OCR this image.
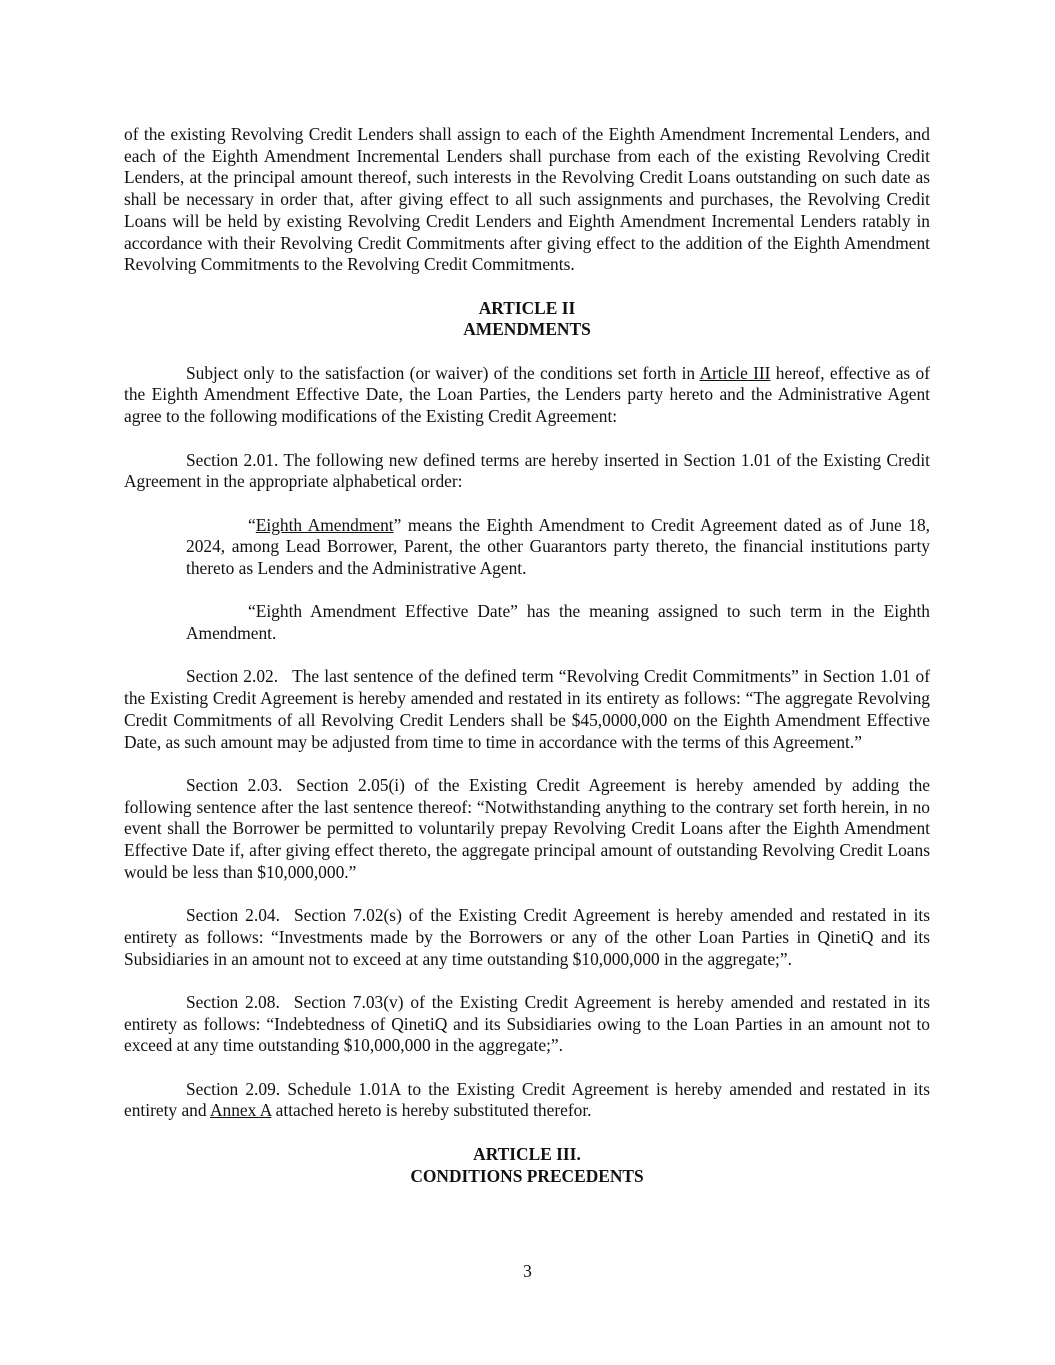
of the existing Revolving Credit Lenders shall assign to each of the Eighth Amendment Incremental Lenders, and each of the Eighth Amendment Incremental Lenders shall purchase from each of the existing Revolving Credit Lenders, at the principal amount thereof, such interests in the Revolving Credit Loans outstanding on such date as shall be necessary in order that, after giving effect to all such assignments and purchases, the Revolving Credit Loans will be held by existing Revolving Credit Lenders and Eighth Amendment Incremental Lenders ratably in accordance with their Revolving Credit Commitments after giving effect to the addition of the Eighth Amendment Revolving Commitments to the Revolving Credit Commitments.

ARTICLE II

AMENDMENTS

Subject only to the satisfaction (or waiver) of the conditions set forth in Article III hereof, effective as of the Eighth Amendment Effective Date, the Loan Parties, the Lenders party hereto and the Administrative Agent agree to the following modifications of the Existing Credit Agreement:

Section 2.01. The following new defined terms are hereby inserted in Section 1.01 of the Existing Credit Agreement in the appropriate alphabetical order:

“Eighth Amendment” means the Eighth Amendment to Credit Agreement dated as of June 18, 2024, among Lead Borrower, Parent, the other Guarantors party thereto, the financial institutions party thereto as Lenders and the Administrative Agent.

“Eighth Amendment Effective Date” has the meaning assigned to such term in the Eighth Amendment.

Section 2.02. The last sentence of the defined term “Revolving Credit Commitments” in Section 1.01 of the Existing Credit Agreement is hereby amended and restated in its entirety as follows: “The aggregate Revolving Credit Commitments of all Revolving Credit Lenders shall be $45,0000,000 on the Eighth Amendment Effective Date, as such amount may be adjusted from time to time in accordance with the terms of this Agreement.”

Section 2.03. Section 2.05(i) of the Existing Credit Agreement is hereby amended by adding the following sentence after the last sentence thereof: “Notwithstanding anything to the contrary set forth herein, in no event shall the Borrower be permitted to voluntarily prepay Revolving Credit Loans after the Eighth Amendment Effective Date if, after giving effect thereto, the aggregate principal amount of outstanding Revolving Credit Loans would be less than $10,000,000.”

Section 2.04. Section 7.02(s) of the Existing Credit Agreement is hereby amended and restated in its entirety as follows: “Investments made by the Borrowers or any of the other Loan Parties in QinetiQ and its Subsidiaries in an amount not to exceed at any time outstanding $10,000,000 in the aggregate;”.

Section 2.08. Section 7.03(v) of the Existing Credit Agreement is hereby amended and restated in its entirety as follows: “Indebtedness of QinetiQ and its Subsidiaries owing to the Loan Parties in an amount not to exceed at any time outstanding $10,000,000 in the aggregate;”.

Section 2.09. Schedule 1.01A to the Existing Credit Agreement is hereby amended and restated in its entirety and Annex A attached hereto is hereby substituted therefor.

ARTICLE III.

CONDITIONS PRECEDENTS

3
